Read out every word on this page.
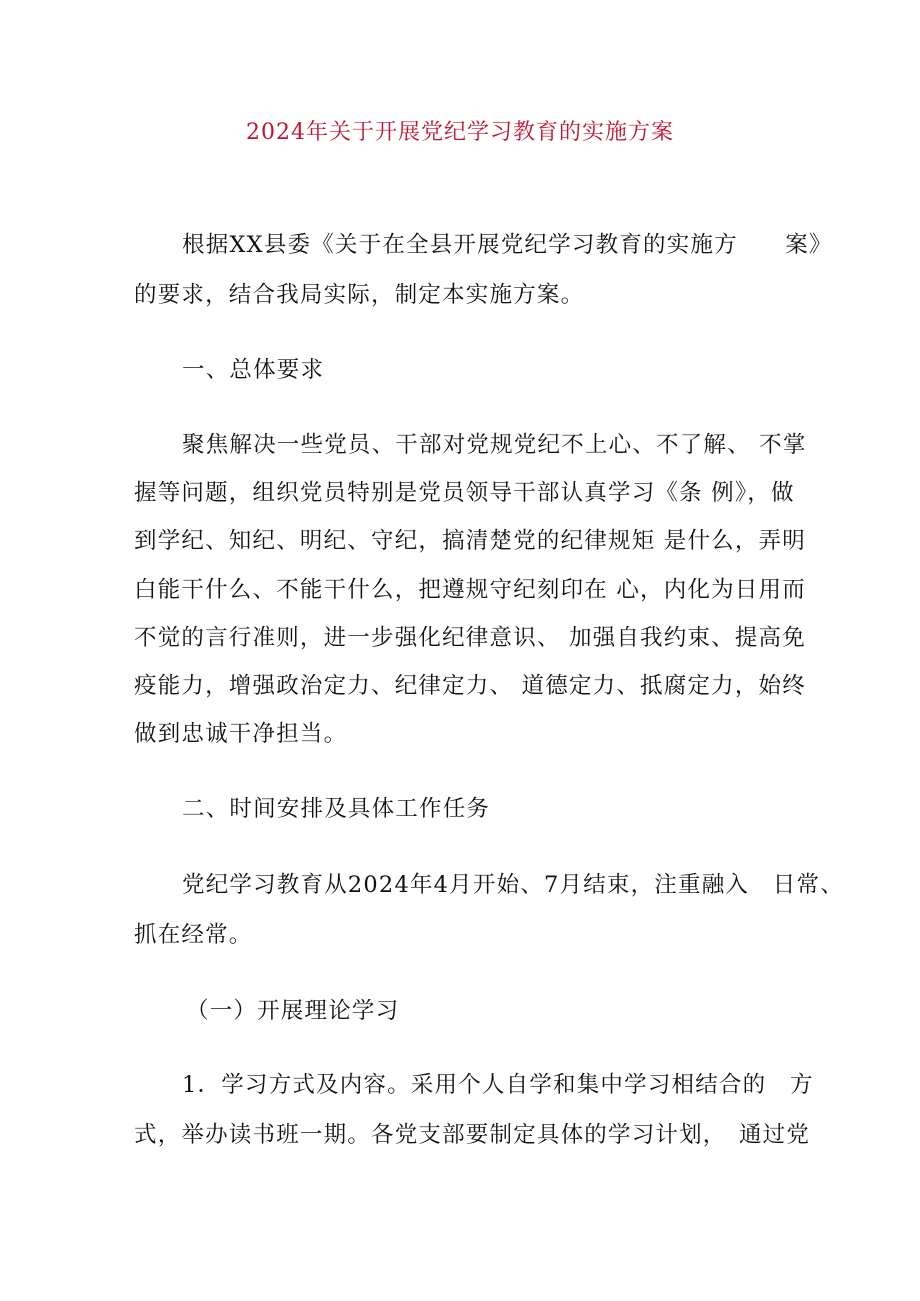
2024年关于开展党纪学习教育的实施方案
根据XX县委《关于在全县开展党纪学习教育的实施方　　案》
的要求，结合我局实际，制定本实施方案。
一、总体要求
聚焦解决一些党员、干部对党规党纪不上心、不了解、 不掌
握等问题，组织党员特别是党员领导干部认真学习《条 例》，做
到学纪、知纪、明纪、守纪，搞清楚党的纪律规矩 是什么，弄明
白能干什么、不能干什么，把遵规守纪刻印在 心，内化为日用而
不觉的言行准则，进一步强化纪律意识、 加强自我约束、提高免
疫能力，增强政治定力、纪律定力、 道德定力、抵腐定力，始终
做到忠诚干净担当。
二、时间安排及具体工作任务
党纪学习教育从2024年4月开始、7月结束，注重融入　日常、
抓在经常。
（一）开展理论学习
1．学习方式及内容。采用个人自学和集中学习相结合的　方
式，举办读书班一期。各党支部要制定具体的学习计划，　通过党
